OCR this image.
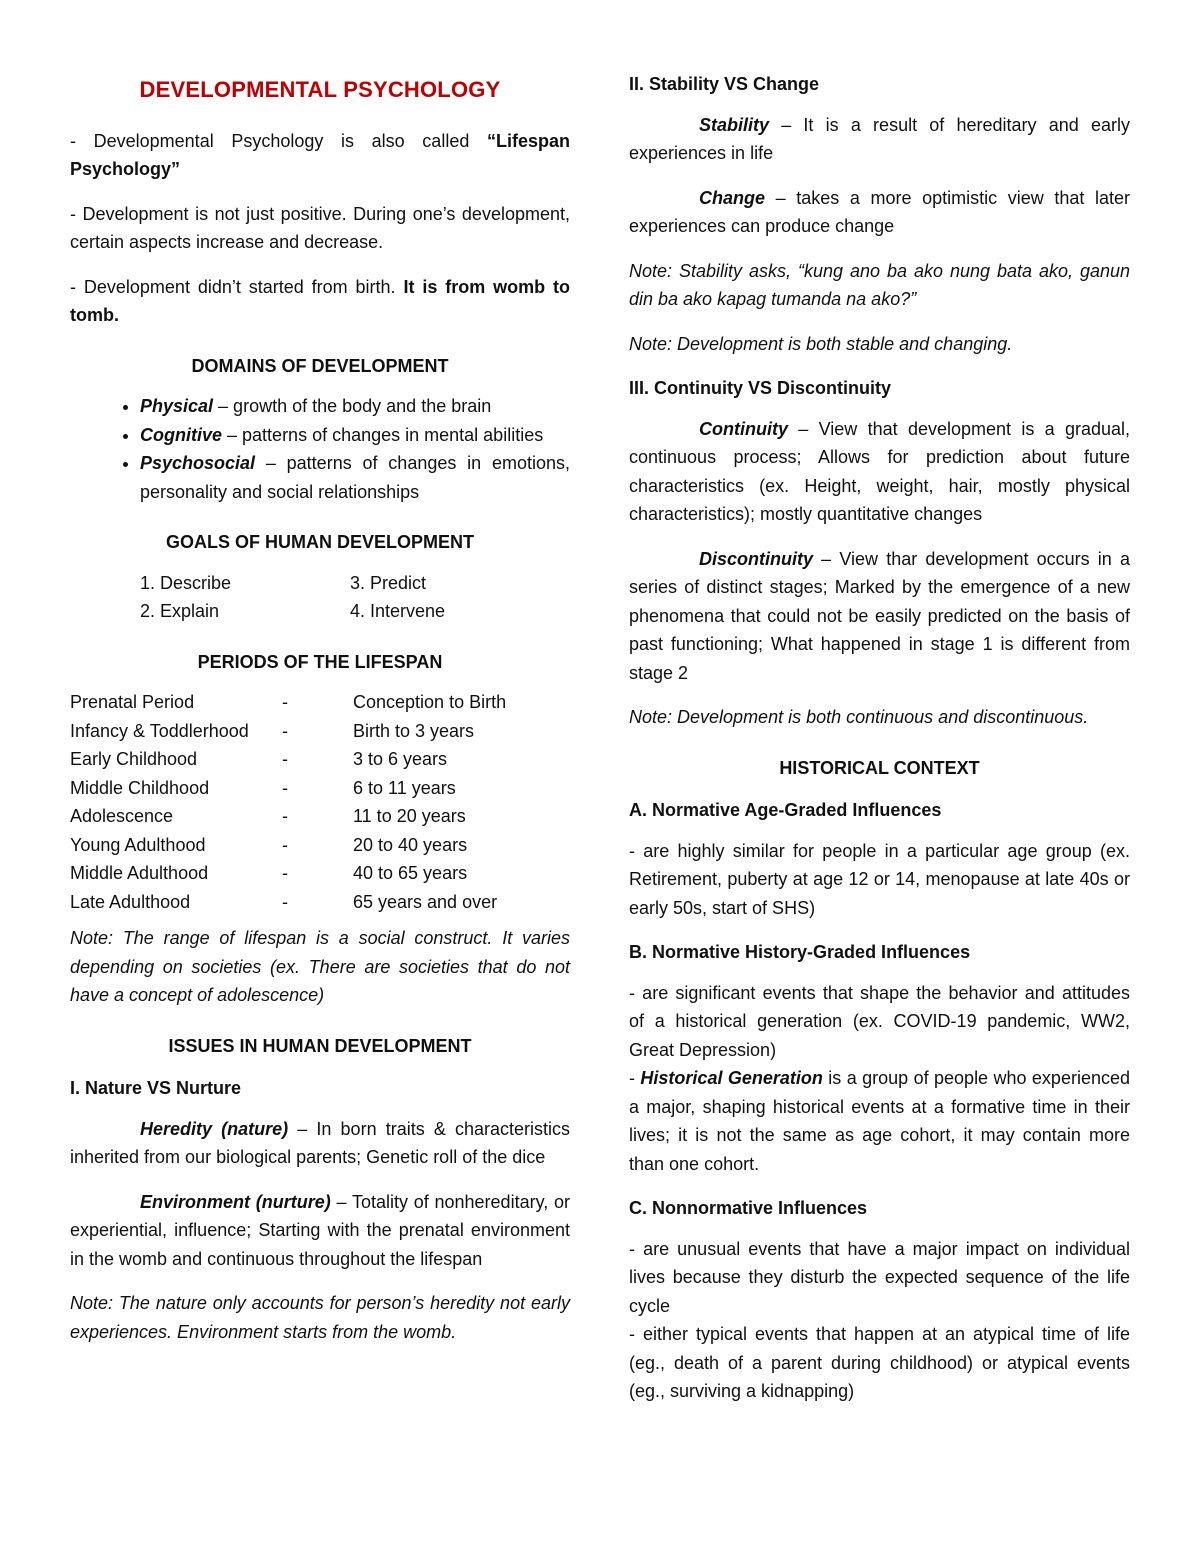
DEVELOPMENTAL PSYCHOLOGY

- Developmental Psychology is also called “Lifespan Psychology”

- Development is not just positive. During one’s development, certain aspects increase and decrease.

- Development didn’t started from birth. It is from womb to tomb.

DOMAINS OF DEVELOPMENT
• Physical – growth of the body and the brain
• Cognitive – patterns of changes in mental abilities
• Psychosocial – patterns of changes in emotions, personality and social relationships
GOALS OF HUMAN DEVELOPMENT
1. Describe	3. Predict
2. Explain	4. Intervene
PERIODS OF THE LIFESPAN
Prenatal Period	-	Conception to Birth
Infancy & Toddlerhood	-	Birth to 3 years
Early Childhood	-	3 to 6 years
Middle Childhood	-	6 to 11 years
Adolescence	-	11 to 20 years
Young Adulthood	-	20 to 40 years
Middle Adulthood	-	40 to 65 years
Late Adulthood	-	65 years and over

Note: The range of lifespan is a social construct. It varies depending on societies (ex. There are societies that do not have a concept of adolescence)

ISSUES IN HUMAN DEVELOPMENT
I. Nature VS Nurture

Heredity (nature) – In born traits & characteristics inherited from our biological parents; Genetic roll of the dice

Environment (nurture) – Totality of nonhereditary, or experiential, influence; Starting with the prenatal environment in the womb and continuous throughout the lifespan

Note: The nature only accounts for person’s heredity not early experiences. Environment starts from the womb.

II. Stability VS Change

Stability – It is a result of hereditary and early experiences in life

Change – takes a more optimistic view that later experiences can produce change

Note: Stability asks, “kung ano ba ako nung bata ako, ganun din ba ako kapag tumanda na ako?”

Note: Development is both stable and changing.

III. Continuity VS Discontinuity

Continuity – View that development is a gradual, continuous process; Allows for prediction about future characteristics (ex. Height, weight, hair, mostly physical characteristics); mostly quantitative changes

Discontinuity – View thar development occurs in a series of distinct stages; Marked by the emergence of a new phenomena that could not be easily predicted on the basis of past functioning; What happened in stage 1 is different from stage 2

Note: Development is both continuous and discontinuous.

HISTORICAL CONTEXT
A. Normative Age-Graded Influences

- are highly similar for people in a particular age group (ex. Retirement, puberty at age 12 or 14, menopause at late 40s or early 50s, start of SHS)

B. Normative History-Graded Influences

- are significant events that shape the behavior and attitudes of a historical generation (ex. COVID-19 pandemic, WW2, Great Depression)

- Historical Generation is a group of people who experienced a major, shaping historical events at a formative time in their lives; it is not the same as age cohort, it may contain more than one cohort.

C. Nonnormative Influences

- are unusual events that have a major impact on individual lives because they disturb the expected sequence of the life cycle

- either typical events that happen at an atypical time of life (eg., death of a parent during childhood) or atypical events (eg., surviving a kidnapping)
